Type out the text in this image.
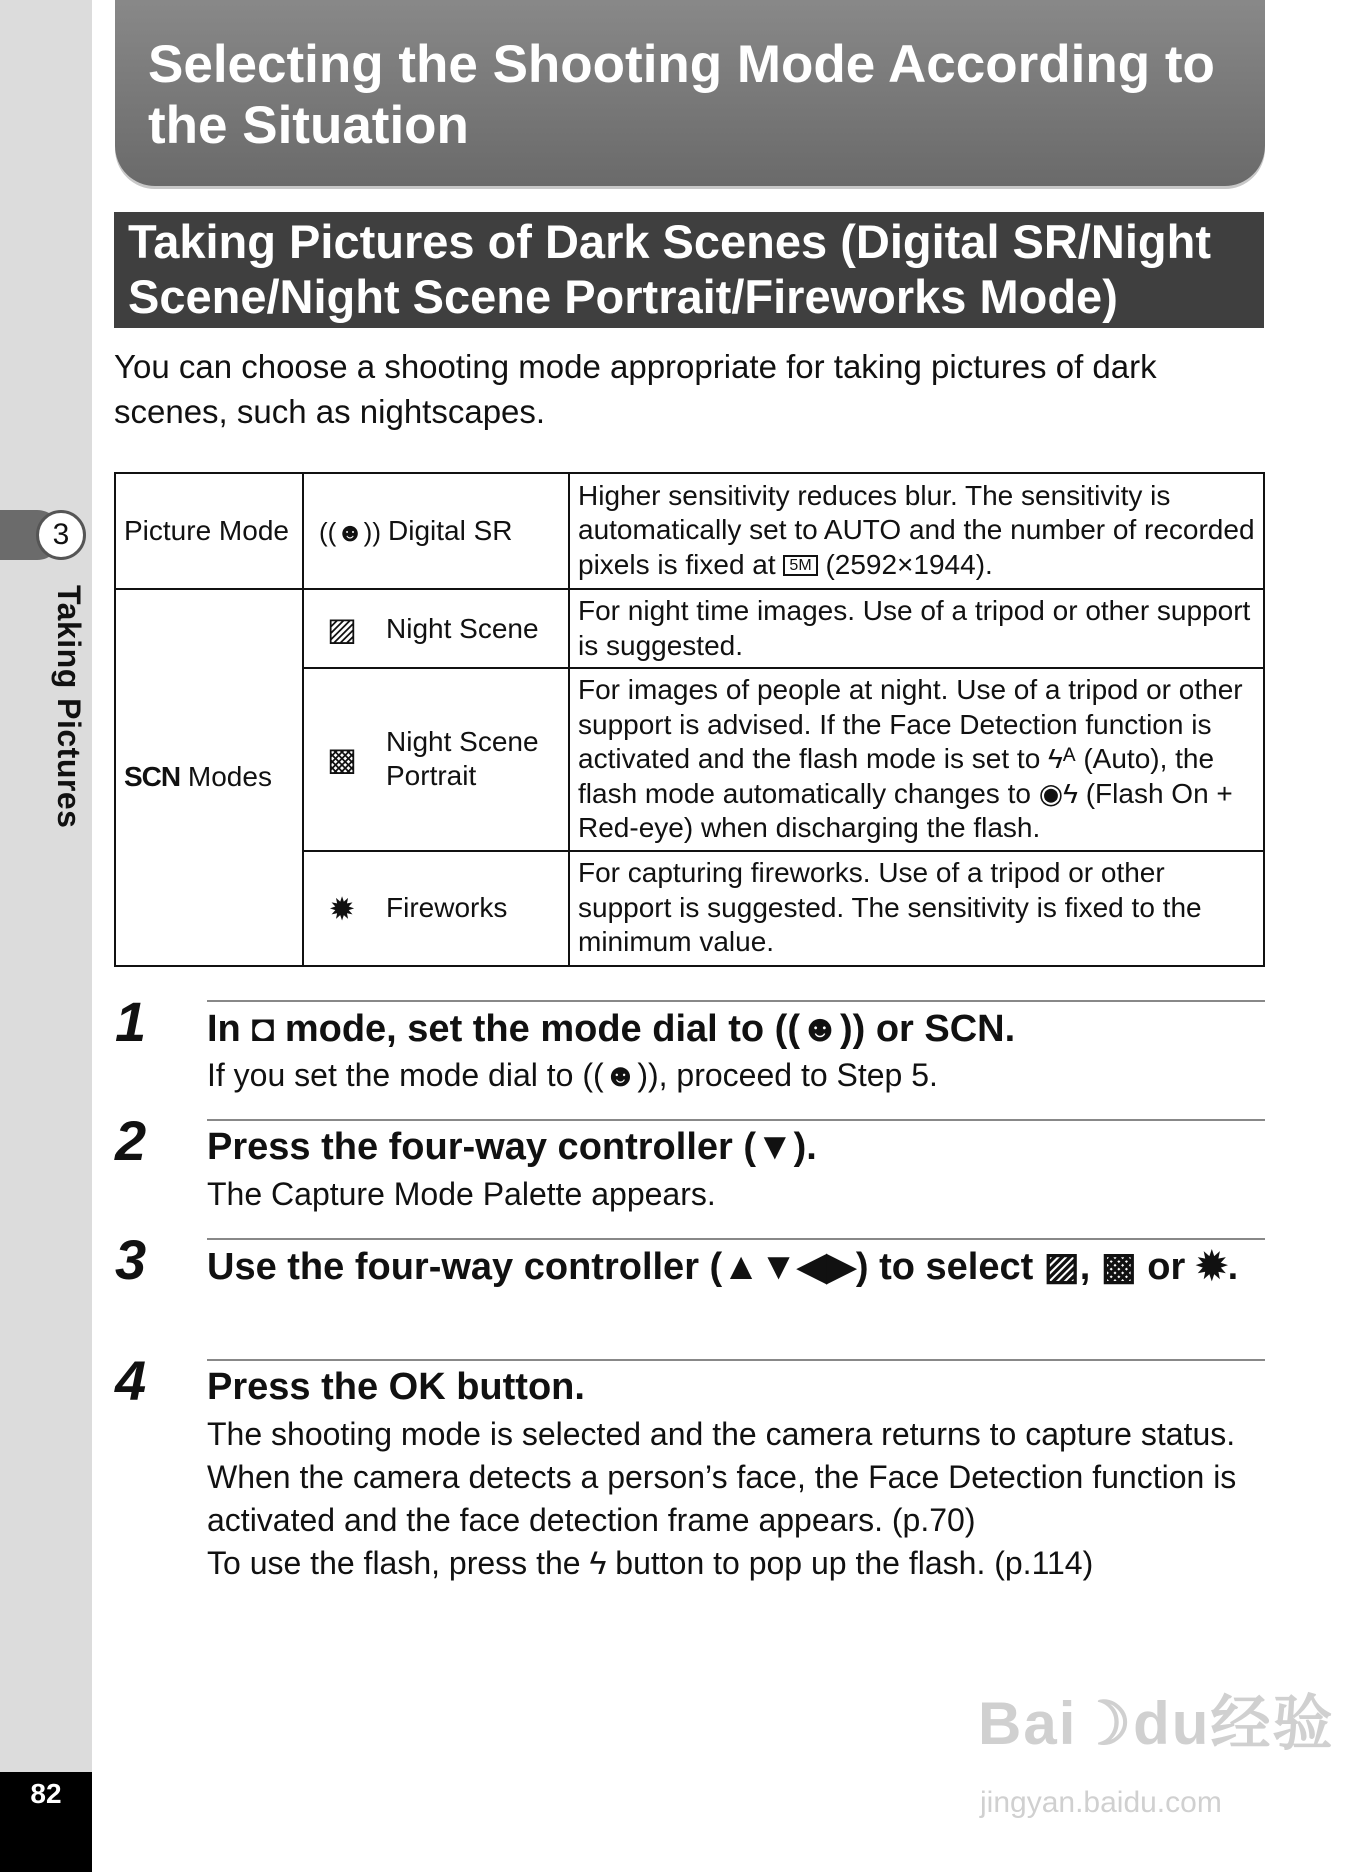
3
Taking Pictures
82
Selecting the Shooting Mode According to the Situation
Taking Pictures of Dark Scenes (Digital SR/Night Scene/Night Scene Portrait/Fireworks Mode)
You can choose a shooting mode appropriate for taking pictures of dark scenes, such as nightscapes.
Picture Mode	((☻)) Digital SR	Higher sensitivity reduces blur. The sensitivity is automatically set to AUTO and the number of recorded pixels is fixed at 5M (2592×1944).
SCN Modes	▨ Night Scene	For night time images. Use of a tripod or other support is suggested.
	▩ Night Scene Portrait	For images of people at night. Use of a tripod or other support is advised. If the Face Detection function is activated and the flash mode is set to ϟᴬ (Auto), the flash mode automatically changes to ◉ϟ (Flash On + Red-eye) when discharging the flash.
	✹ Fireworks	For capturing fireworks. Use of a tripod or other support is suggested. The sensitivity is fixed to the minimum value.
1 In ◘ mode, set the mode dial to ((☻)) or SCN.
If you set the mode dial to ((☻)), proceed to Step 5.
2 Press the four-way controller (▼).
The Capture Mode Palette appears.
3 Use the four-way controller (▲▼◀▶) to select ▨, ▩ or ✹.
4 Press the OK button.
The shooting mode is selected and the camera returns to capture status.
When the camera detects a person’s face, the Face Detection function is activated and the face detection frame appears. (p.70)
To use the flash, press the ϟ button to pop up the flash. (p.114)
Bai☽du经验
jingyan.baidu.com
